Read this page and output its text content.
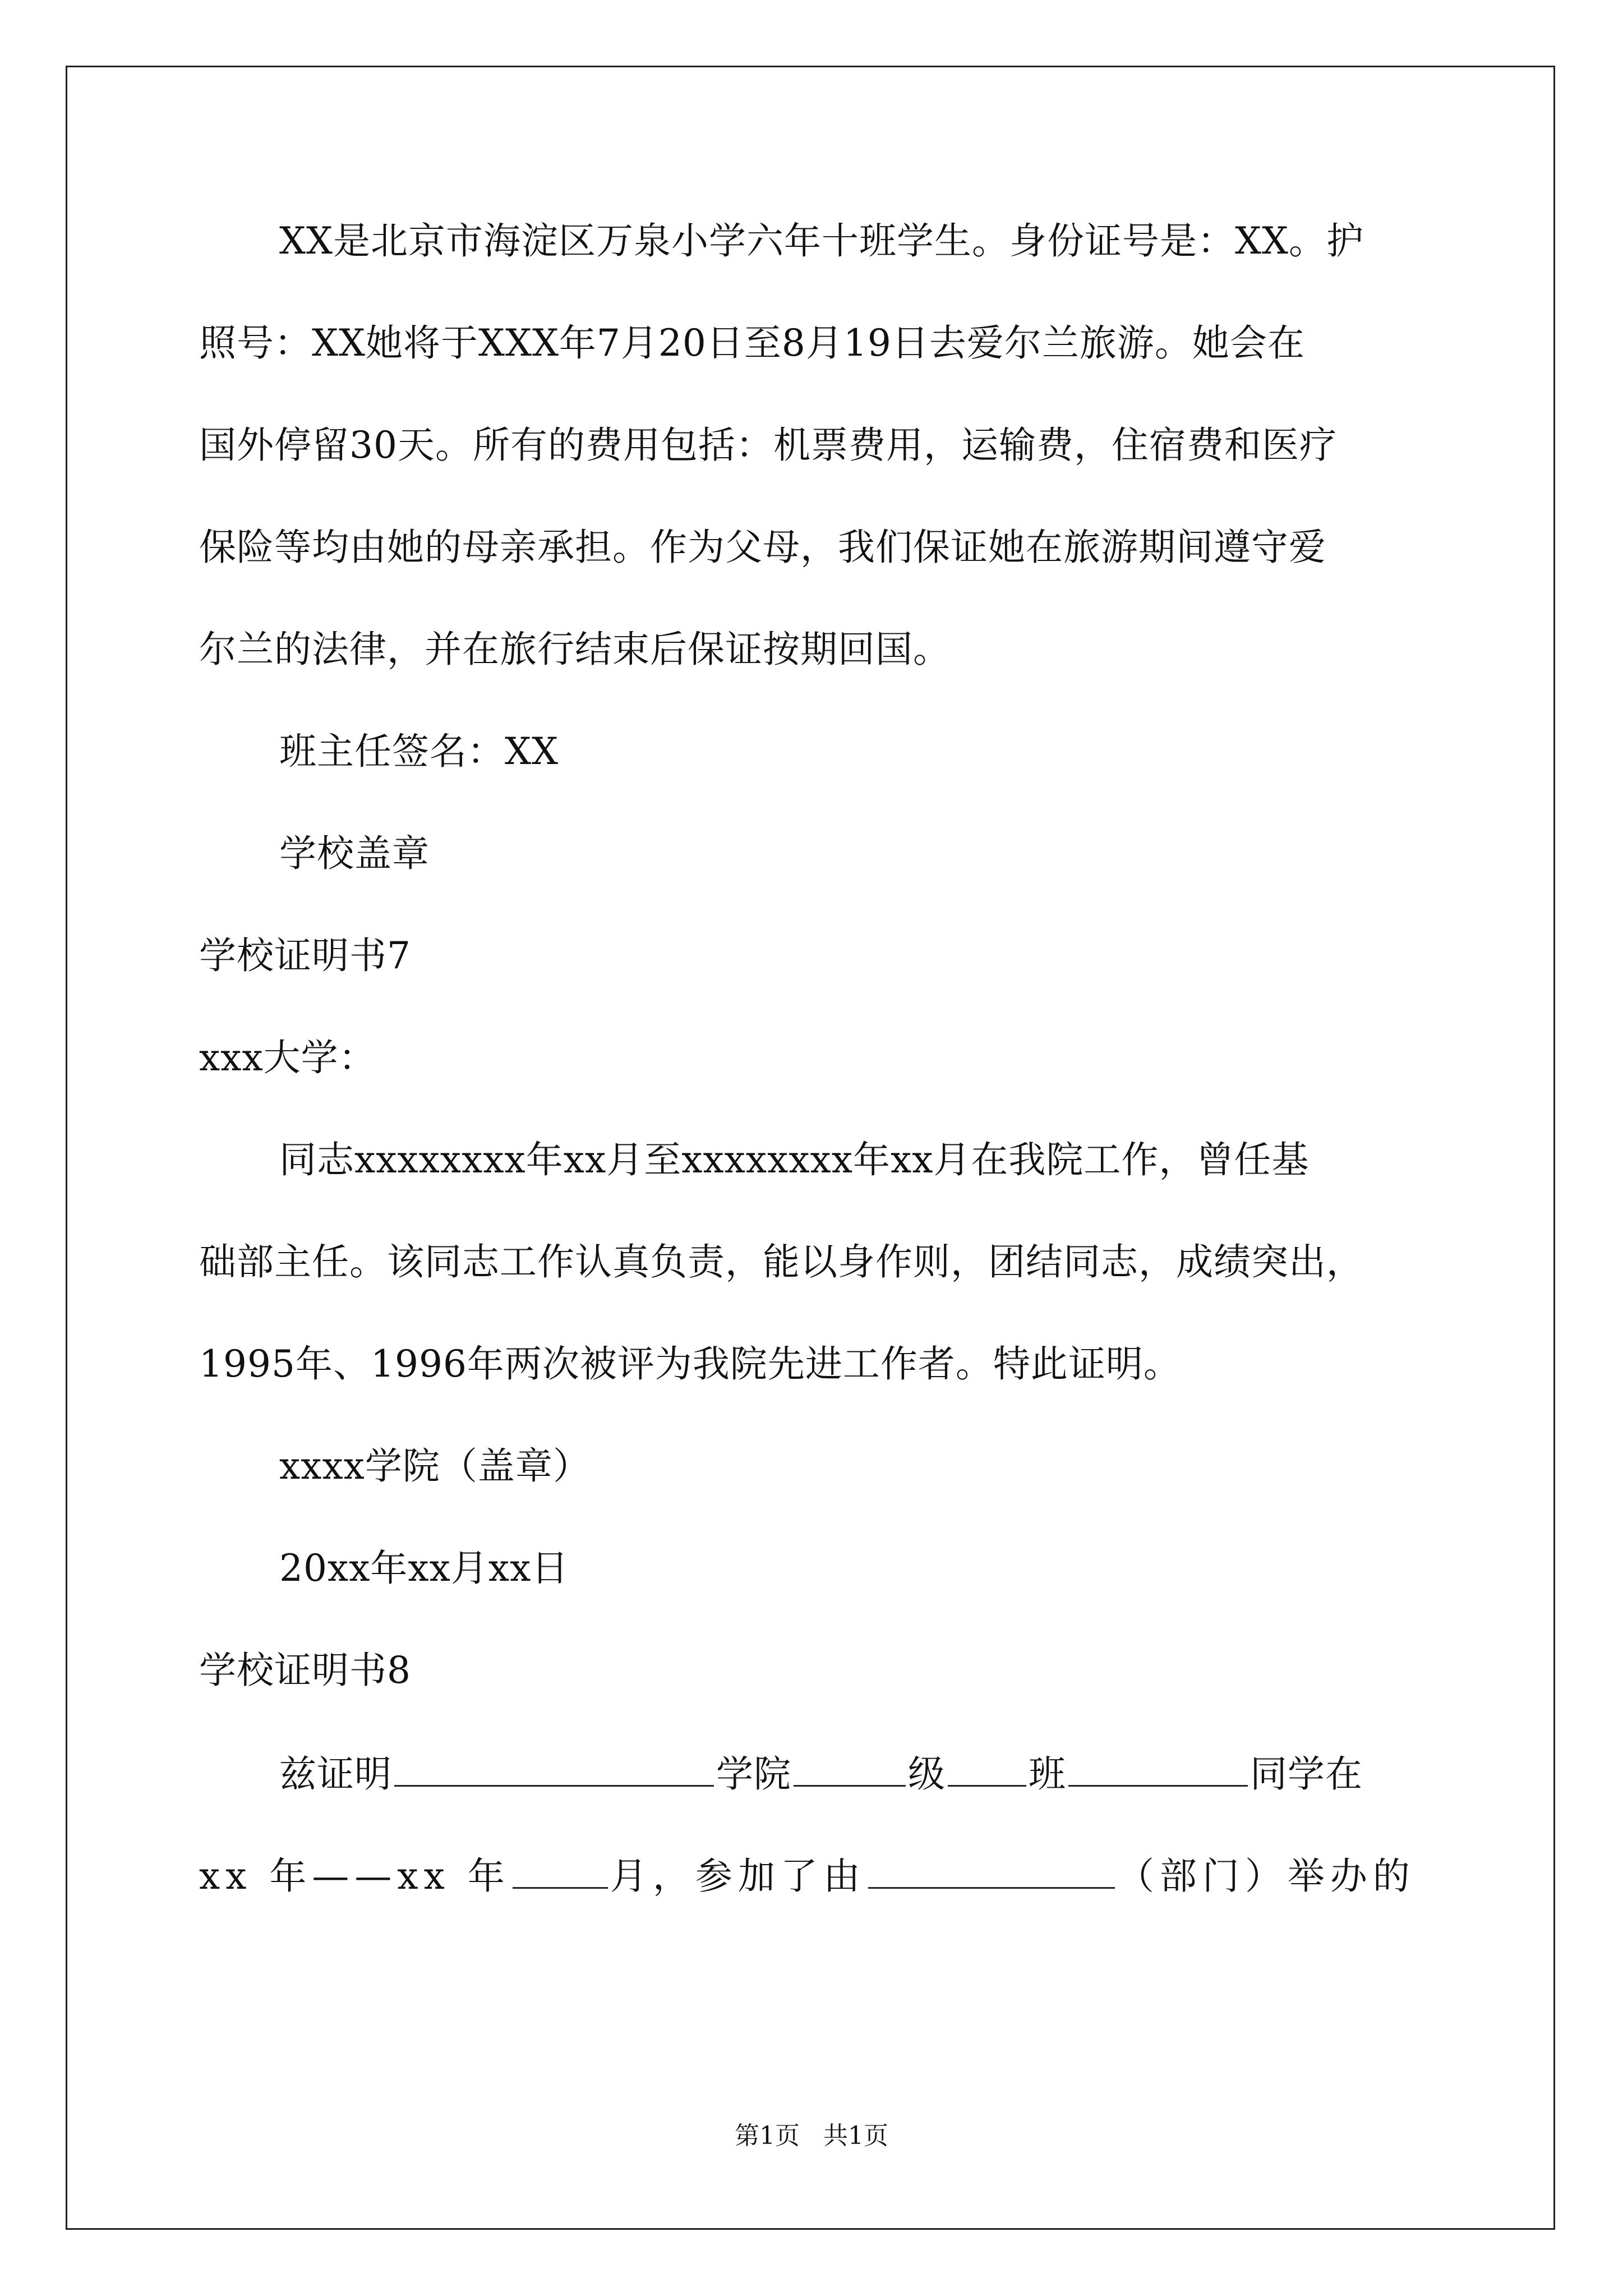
XX是北京市海淀区万泉小学六年十班学生。身份证号是：XX。护
照号：XX她将于XXX年7月20日至8月19日去爱尔兰旅游。她会在
国外停留30天。所有的费用包括：机票费用，运输费，住宿费和医疗
保险等均由她的母亲承担。作为父母，我们保证她在旅游期间遵守爱
尔兰的法律，并在旅行结束后保证按期回国。
班主任签名：XX
学校盖章
学校证明书7
xxx大学：
同志xxxxxxxx年xx月至xxxxxxxx年xx月在我院工作，曾任基
础部主任。该同志工作认真负责，能以身作则，团结同志，成绩突出，
1995年、1996年两次被评为我院先进工作者。特此证明。
xxxx学院（盖章）
20xx年xx月xx日
学校证明书8
兹证明	学院	级 班	同学在
xx 年——xx 年	月，参加了由	（部门）举办的
第1页   共1页
